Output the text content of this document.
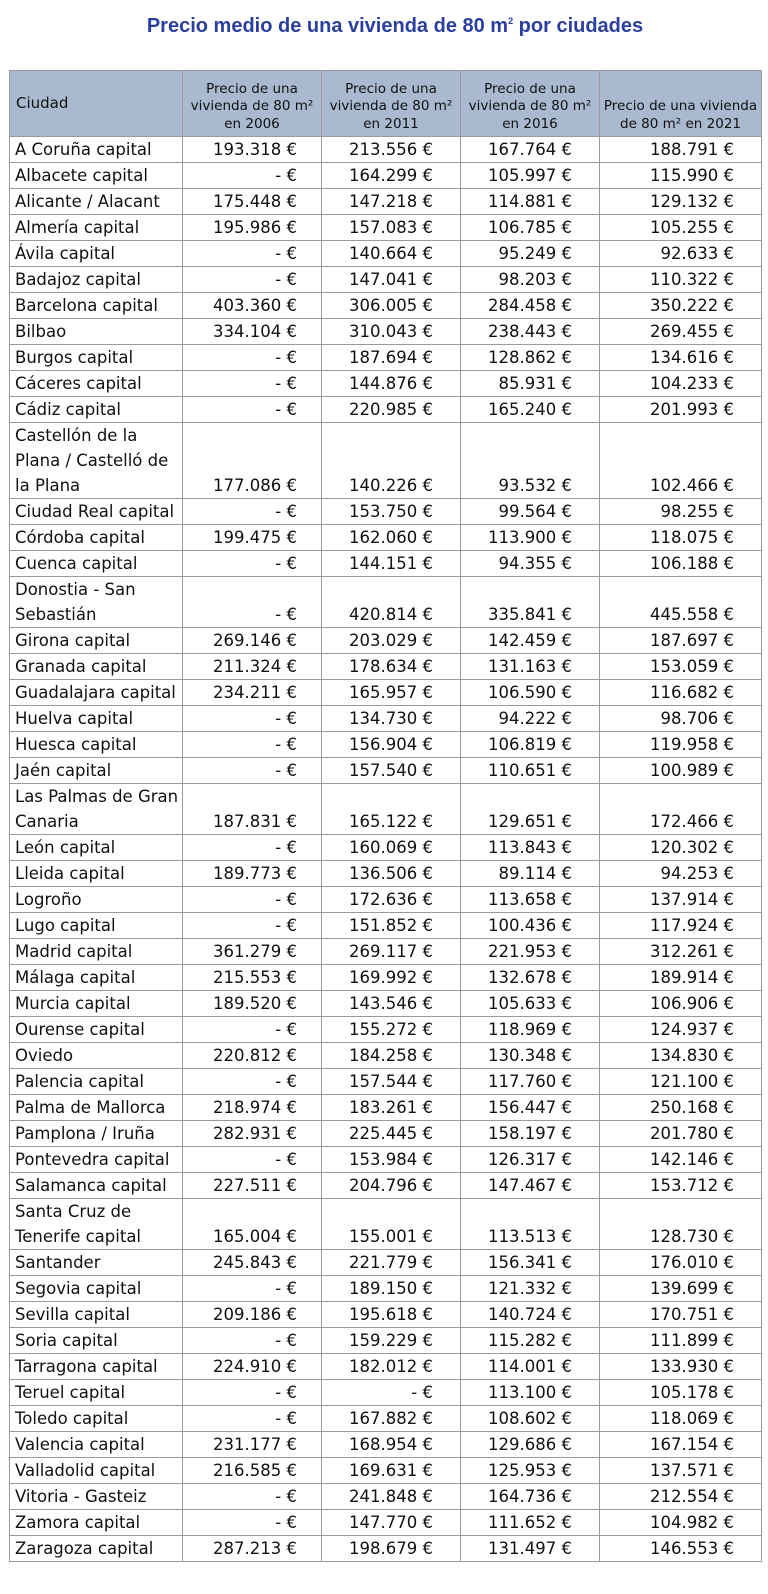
Precio medio de una vivienda de 80 $m^2$ por ciudades
Ciudad	Precio de una vivienda de 80 m² en 2006	Precio de una vivienda de 80 m² en 2011	Precio de una vivienda de 80 m² en 2016	Precio de una vivienda de 80 m² en 2021
A Coruña capital	193.318 €	213.556 €	167.764 €	188.791 €
Albacete capital	- €	164.299 €	105.997 €	115.990 €
Alicante / Alacant	175.448 €	147.218 €	114.881 €	129.132 €
Almería capital	195.986 €	157.083 €	106.785 €	105.255 €
Ávila capital	- €	140.664 €	95.249 €	92.633 €
Badajoz capital	- €	147.041 €	98.203 €	110.322 €
Barcelona capital	403.360 €	306.005 €	284.458 €	350.222 €
Bilbao	334.104 €	310.043 €	238.443 €	269.455 €
Burgos capital	- €	187.694 €	128.862 €	134.616 €
Cáceres capital	- €	144.876 €	85.931 €	104.233 €
Cádiz capital	- €	220.985 €	165.240 €	201.993 €
Castellón de la Plana / Castelló de la Plana	177.086 €	140.226 €	93.532 €	102.466 €
Ciudad Real capital	- €	153.750 €	99.564 €	98.255 €
Córdoba capital	199.475 €	162.060 €	113.900 €	118.075 €
Cuenca capital	- €	144.151 €	94.355 €	106.188 €
Donostia - San Sebastián	- €	420.814 €	335.841 €	445.558 €
Girona capital	269.146 €	203.029 €	142.459 €	187.697 €
Granada capital	211.324 €	178.634 €	131.163 €	153.059 €
Guadalajara capital	234.211 €	165.957 €	106.590 €	116.682 €
Huelva capital	- €	134.730 €	94.222 €	98.706 €
Huesca capital	- €	156.904 €	106.819 €	119.958 €
Jaén capital	- €	157.540 €	110.651 €	100.989 €
Las Palmas de Gran Canaria	187.831 €	165.122 €	129.651 €	172.466 €
León capital	- €	160.069 €	113.843 €	120.302 €
Lleida capital	189.773 €	136.506 €	89.114 €	94.253 €
Logroño	- €	172.636 €	113.658 €	137.914 €
Lugo capital	- €	151.852 €	100.436 €	117.924 €
Madrid capital	361.279 €	269.117 €	221.953 €	312.261 €
Málaga capital	215.553 €	169.992 €	132.678 €	189.914 €
Murcia capital	189.520 €	143.546 €	105.633 €	106.906 €
Ourense capital	- €	155.272 €	118.969 €	124.937 €
Oviedo	220.812 €	184.258 €	130.348 €	134.830 €
Palencia capital	- €	157.544 €	117.760 €	121.100 €
Palma de Mallorca	218.974 €	183.261 €	156.447 €	250.168 €
Pamplona / Iruña	282.931 €	225.445 €	158.197 €	201.780 €
Pontevedra capital	- €	153.984 €	126.317 €	142.146 €
Salamanca capital	227.511 €	204.796 €	147.467 €	153.712 €
Santa Cruz de Tenerife capital	165.004 €	155.001 €	113.513 €	128.730 €
Santander	245.843 €	221.779 €	156.341 €	176.010 €
Segovia capital	- €	189.150 €	121.332 €	139.699 €
Sevilla capital	209.186 €	195.618 €	140.724 €	170.751 €
Soria capital	- €	159.229 €	115.282 €	111.899 €
Tarragona capital	224.910 €	182.012 €	114.001 €	133.930 €
Teruel capital	- €	- €	113.100 €	105.178 €
Toledo capital	- €	167.882 €	108.602 €	118.069 €
Valencia capital	231.177 €	168.954 €	129.686 €	167.154 €
Valladolid capital	216.585 €	169.631 €	125.953 €	137.571 €
Vitoria - Gasteiz	- €	241.848 €	164.736 €	212.554 €
Zamora capital	- €	147.770 €	111.652 €	104.982 €
Zaragoza capital	287.213 €	198.679 €	131.497 €	146.553 €
